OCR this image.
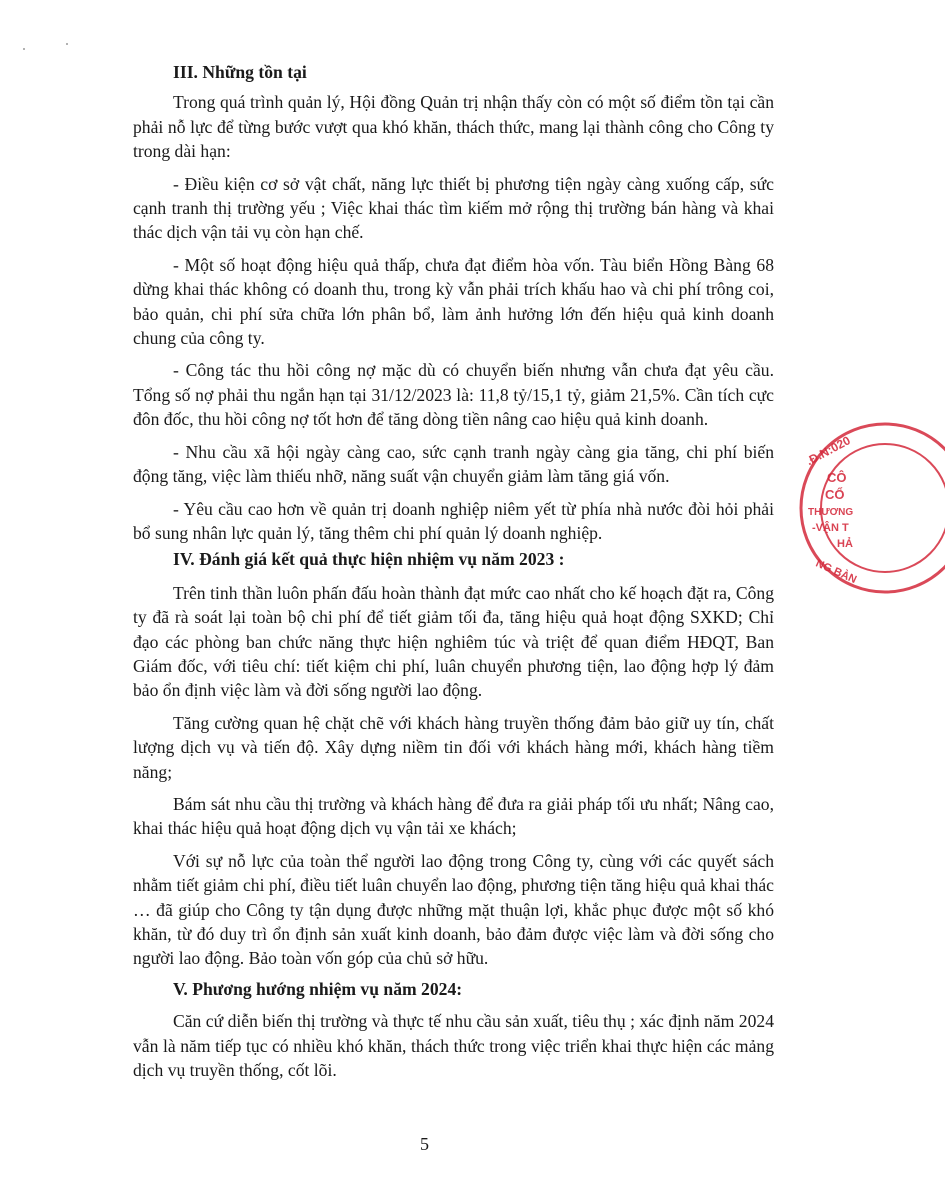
III. Những tồn tại

Trong quá trình quản lý, Hội đồng Quản trị nhận thấy còn có một số điểm tồn tại cần phải nỗ lực để từng bước vượt qua khó khăn, thách thức, mang lại thành công cho Công ty trong dài hạn:

- Điều kiện cơ sở vật chất, năng lực thiết bị phương tiện ngày càng xuống cấp, sức cạnh tranh thị trường yếu ; Việc khai thác tìm kiếm mở rộng thị trường bán hàng và khai thác dịch vận tải vụ còn hạn chế.

- Một số hoạt động hiệu quả thấp, chưa đạt điểm hòa vốn. Tàu biển Hồng Bàng 68 dừng khai thác không có doanh thu, trong kỳ vẫn phải trích khấu hao và chi phí trông coi, bảo quản, chi phí sửa chữa lớn phân bổ, làm ảnh hưởng lớn đến hiệu quả kinh doanh chung của công ty.

- Công tác thu hồi công nợ mặc dù có chuyển biến nhưng vẫn chưa đạt yêu cầu. Tổng số nợ phải thu ngắn hạn tại 31/12/2023 là: 11,8 tỷ/15,1 tỷ, giảm 21,5%. Cần tích cực đôn đốc, thu hồi công nợ tốt hơn để tăng dòng tiền nâng cao hiệu quả kinh doanh.

- Nhu cầu xã hội ngày càng cao, sức cạnh tranh ngày càng gia tăng, chi phí biến động tăng, việc làm thiếu nhỡ, năng suất vận chuyển giảm làm tăng giá vốn.

- Yêu cầu cao hơn về quản trị doanh nghiệp niêm yết từ phía nhà nước đòi hỏi phải bổ sung nhân lực quản lý, tăng thêm chi phí quản lý doanh nghiệp.

IV. Đánh giá kết quả thực hiện nhiệm vụ năm 2023 :

Trên tinh thần luôn phấn đấu hoàn thành đạt mức cao nhất cho kế hoạch đặt ra, Công ty đã rà soát lại toàn bộ chi phí để tiết giảm tối đa, tăng hiệu quả hoạt động SXKD; Chỉ đạo các phòng ban chức năng thực hiện nghiêm túc và triệt để quan điểm HĐQT, Ban Giám đốc, với tiêu chí: tiết kiệm chi phí, luân chuyển phương tiện, lao động hợp lý đảm bảo ổn định việc làm và đời sống người lao động.

Tăng cường quan hệ chặt chẽ với khách hàng truyền thống đảm bảo giữ uy tín, chất lượng dịch vụ và tiến độ. Xây dựng niềm tin đối với khách hàng mới, khách hàng tiềm năng;

Bám sát nhu cầu thị trường và khách hàng để đưa ra giải pháp tối ưu nhất; Nâng cao, khai thác hiệu quả hoạt động dịch vụ vận tải xe khách;

Với sự nỗ lực của toàn thể người lao động trong Công ty, cùng với các quyết sách nhằm tiết giảm chi phí, điều tiết luân chuyển lao động, phương tiện tăng hiệu quả khai thác … đã giúp cho Công ty tận dụng được những mặt thuận lợi, khắc phục được một số khó khăn, từ đó duy trì ổn định sản xuất kinh doanh, bảo đảm được việc làm và đời sống cho người lao động. Bảo toàn vốn góp của chủ sở hữu.

V. Phương hướng nhiệm vụ năm 2024:

Căn cứ diễn biến thị trường và thực tế nhu cầu sản xuất, tiêu thụ ; xác định năm 2024 vẫn là năm tiếp tục có nhiều khó khăn, thách thức trong việc triển khai thực hiện các mảng dịch vụ truyền thống, cốt lõi.

5
.Đ.N:020
CÔ
CỔ
THƯƠNG
-VẬN T
HẢ
NG BÀN
